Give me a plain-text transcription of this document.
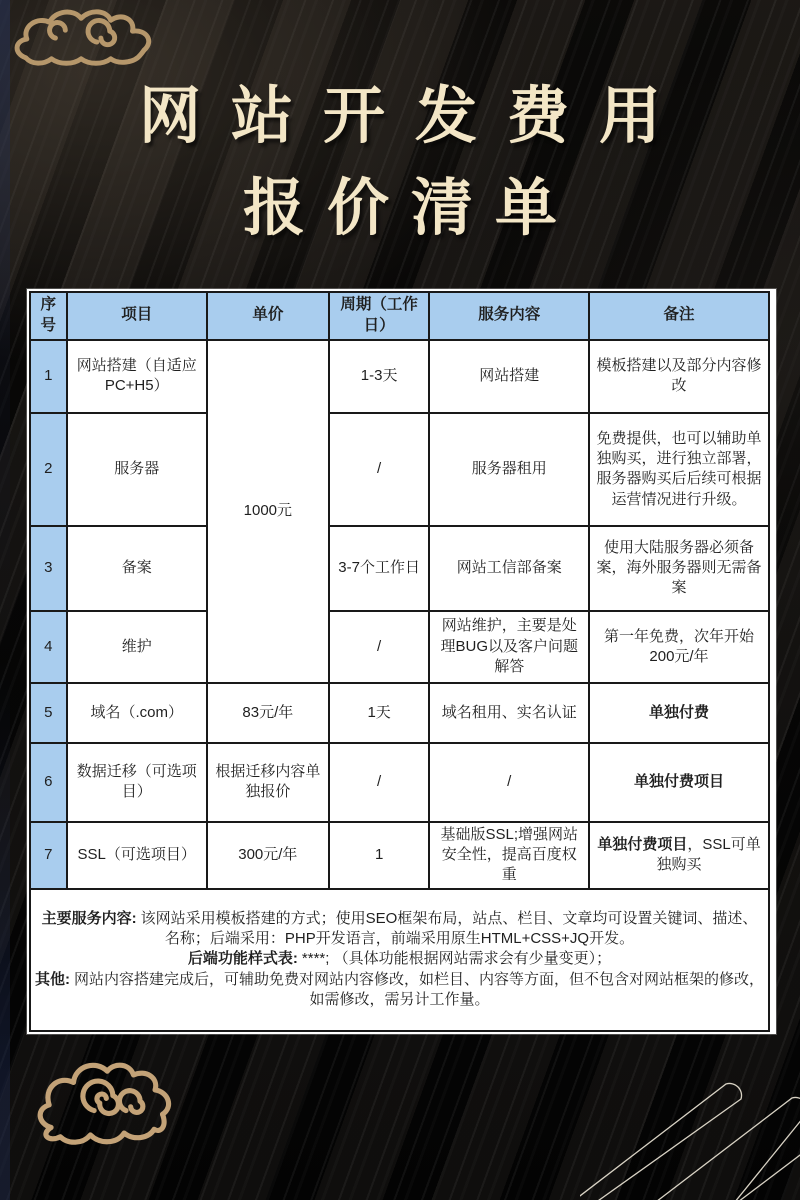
网站开发费用
报价清单
序号	项目	单价	周期（工作日）	服务内容	备注
1	网站搭建（自适应PC+H5）	1000元	1-3天	网站搭建	模板搭建以及部分内容修改
2	服务器		/	服务器租用	免费提供，也可以辅助单独购买，进行独立部署，服务器购买后后续可根据运营情况进行升级。
3	备案		3-7个工作日	网站工信部备案	使用大陆服务器必须备案，海外服务器则无需备案
4	维护		/	网站维护，主要是处理BUG以及客户问题解答	第一年免费，次年开始200元/年
5	域名（.com）	83元/年	1天	域名租用、实名认证	单独付费
6	数据迁移（可选项目）	根据迁移内容单独报价	/	/	单独付费项目
7	SSL（可选项目）	300元/年	1	基础版SSL;增强网站安全性，提高百度权重	单独付费项目，SSL可单独购买

主要服务内容: 该网站采用模板搭建的方式；使用SEO框架布局，站点、栏目、文章均可设置关键词、描述、名称；后端采用：PHP开发语言，前端采用原生HTML+CSS+JQ开发。

后端功能样式表: ****; （具体功能根据网站需求会有少量变更）；

其他: 网站内容搭建完成后，可辅助免费对网站内容修改，如栏目、内容等方面，但不包含对网站框架的修改，如需修改，需另计工作量。					
